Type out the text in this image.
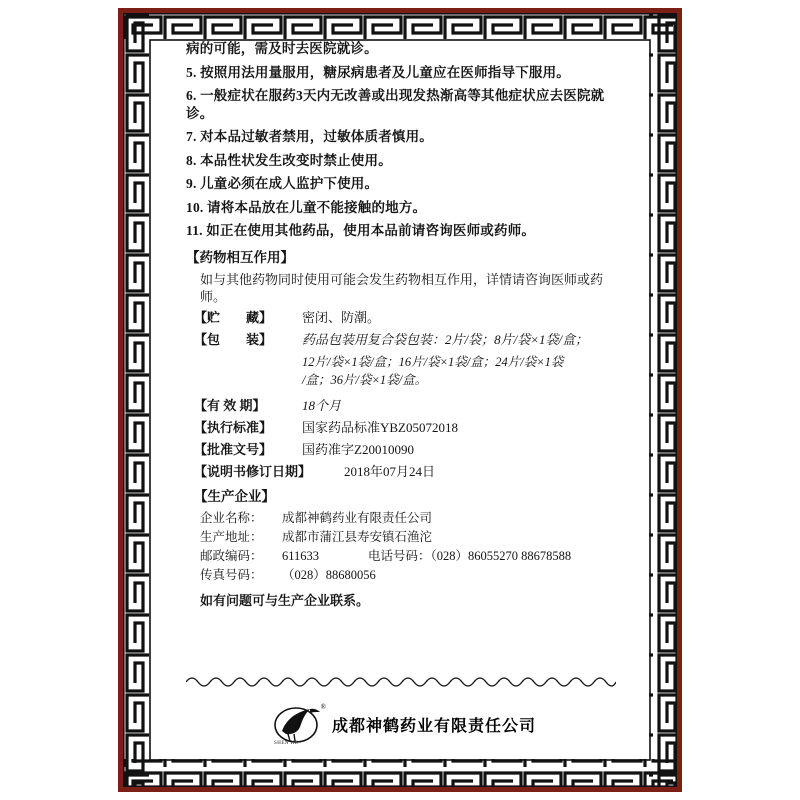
病的可能，需及时去医院就诊。
5. 按照用法用量服用，糖尿病患者及儿童应在医师指导下服用。
6. 一般症状在服药3天内无改善或出现发热渐高等其他症状应去医院就诊。
7. 对本品过敏者禁用，过敏体质者慎用。
8. 本品性状发生改变时禁止使用。
9. 儿童必须在成人监护下使用。
10. 请将本品放在儿童不能接触的地方。
11. 如正在使用其他药品，使用本品前请咨询医师或药师。
【药物相互作用】
如与其他药物同时使用可能会发生药物相互作用，详情请咨询医师或药师。
【贮　　藏】	密闭、防潮。
【包　　装】	药品包装用复合袋包装：2片/袋；8片/袋×1袋/盒；
12片/袋×1袋/盒；16片/袋×1袋/盒；24片/袋×1袋
/盒；36片/袋×1袋/盒。
【有 效 期】	18个月
【执行标准】	国家药品标准YBZ05072018
【批准文号】	国药准字Z20010090
【说明书修订日期】	2018年07月24日
【生产企业】
企业名称：	成都神鹤药业有限责任公司
生产地址：	成都市蒲江县寿安镇石渔沱
邮政编码：	611633	电话号码：（028）86055270 88678588
传真号码：	（028）88680056
如有问题可与生产企业联系。
®
SHEN HE
成都神鹤药业有限责任公司
